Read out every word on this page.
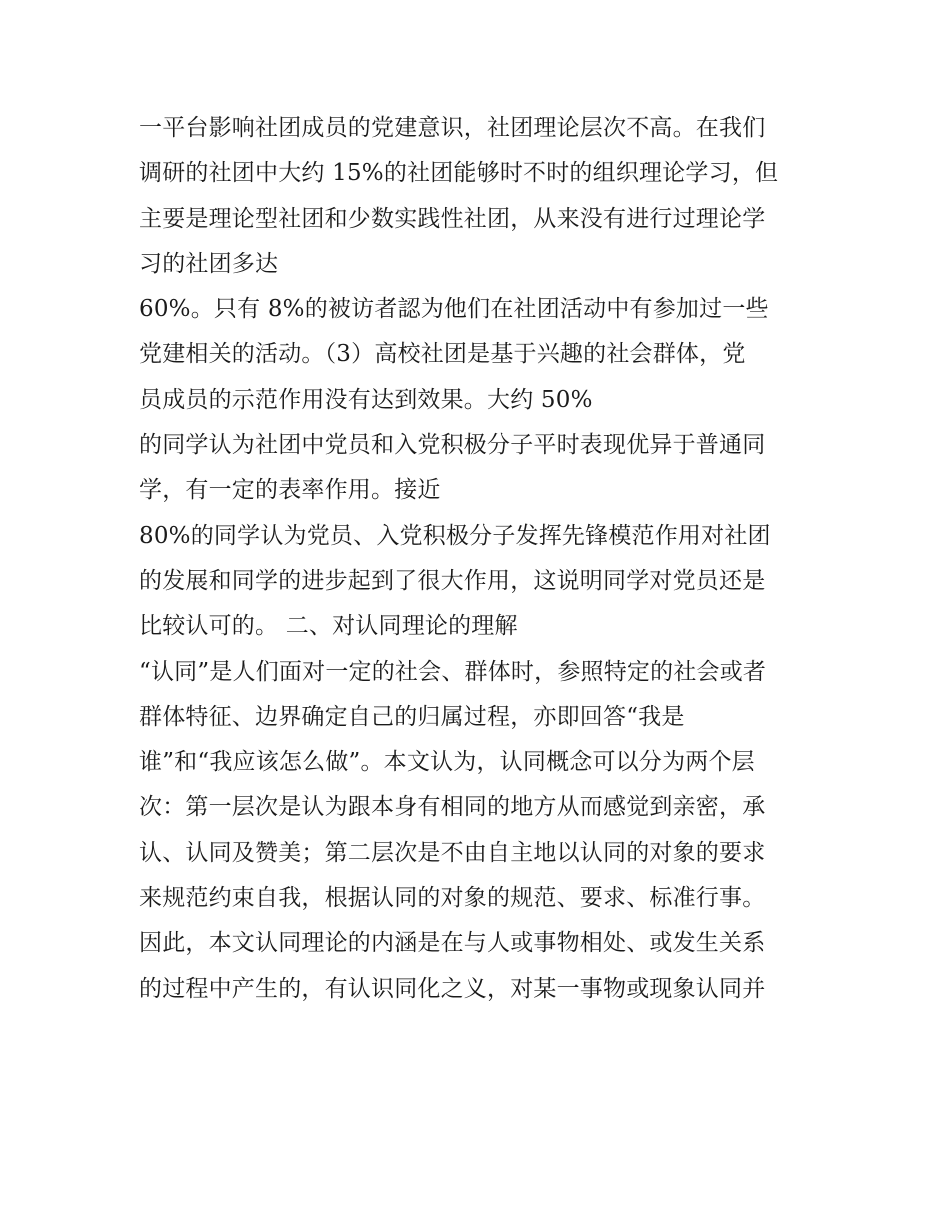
一平台影响社团成员的党建意识，社团理论层次不高。在我们
调研的社团中大约 15%的社团能够时不时的组织理论学习，但
主要是理论型社团和少数实践性社团，从来没有进行过理论学
习的社团多达
60%。只有 8%的被访者認为他们在社团活动中有参加过一些
党建相关的活动。（3）高校社团是基于兴趣的社会群体，党
员成员的示范作用没有达到效果。大约 50%
的同学认为社团中党员和入党积极分子平时表现优异于普通同
学，有一定的表率作用。接近
80%的同学认为党员、入党积极分子发挥先锋模范作用对社团
的发展和同学的进步起到了很大作用，这说明同学对党员还是
比较认可的。 二、对认同理论的理解
“认同”是人们面对一定的社会、群体时，参照特定的社会或者
群体特征、边界确定自己的归属过程，亦即回答“我是
谁”和“我应该怎么做”。本文认为，认同概念可以分为两个层
次：第一层次是认为跟本身有相同的地方从而感觉到亲密，承
认、认同及赞美；第二层次是不由自主地以认同的对象的要求
来规范约束自我，根据认同的对象的规范、要求、标准行事。
因此，本文认同理论的内涵是在与人或事物相处、或发生关系
的过程中产生的，有认识同化之义，对某一事物或现象认同并
